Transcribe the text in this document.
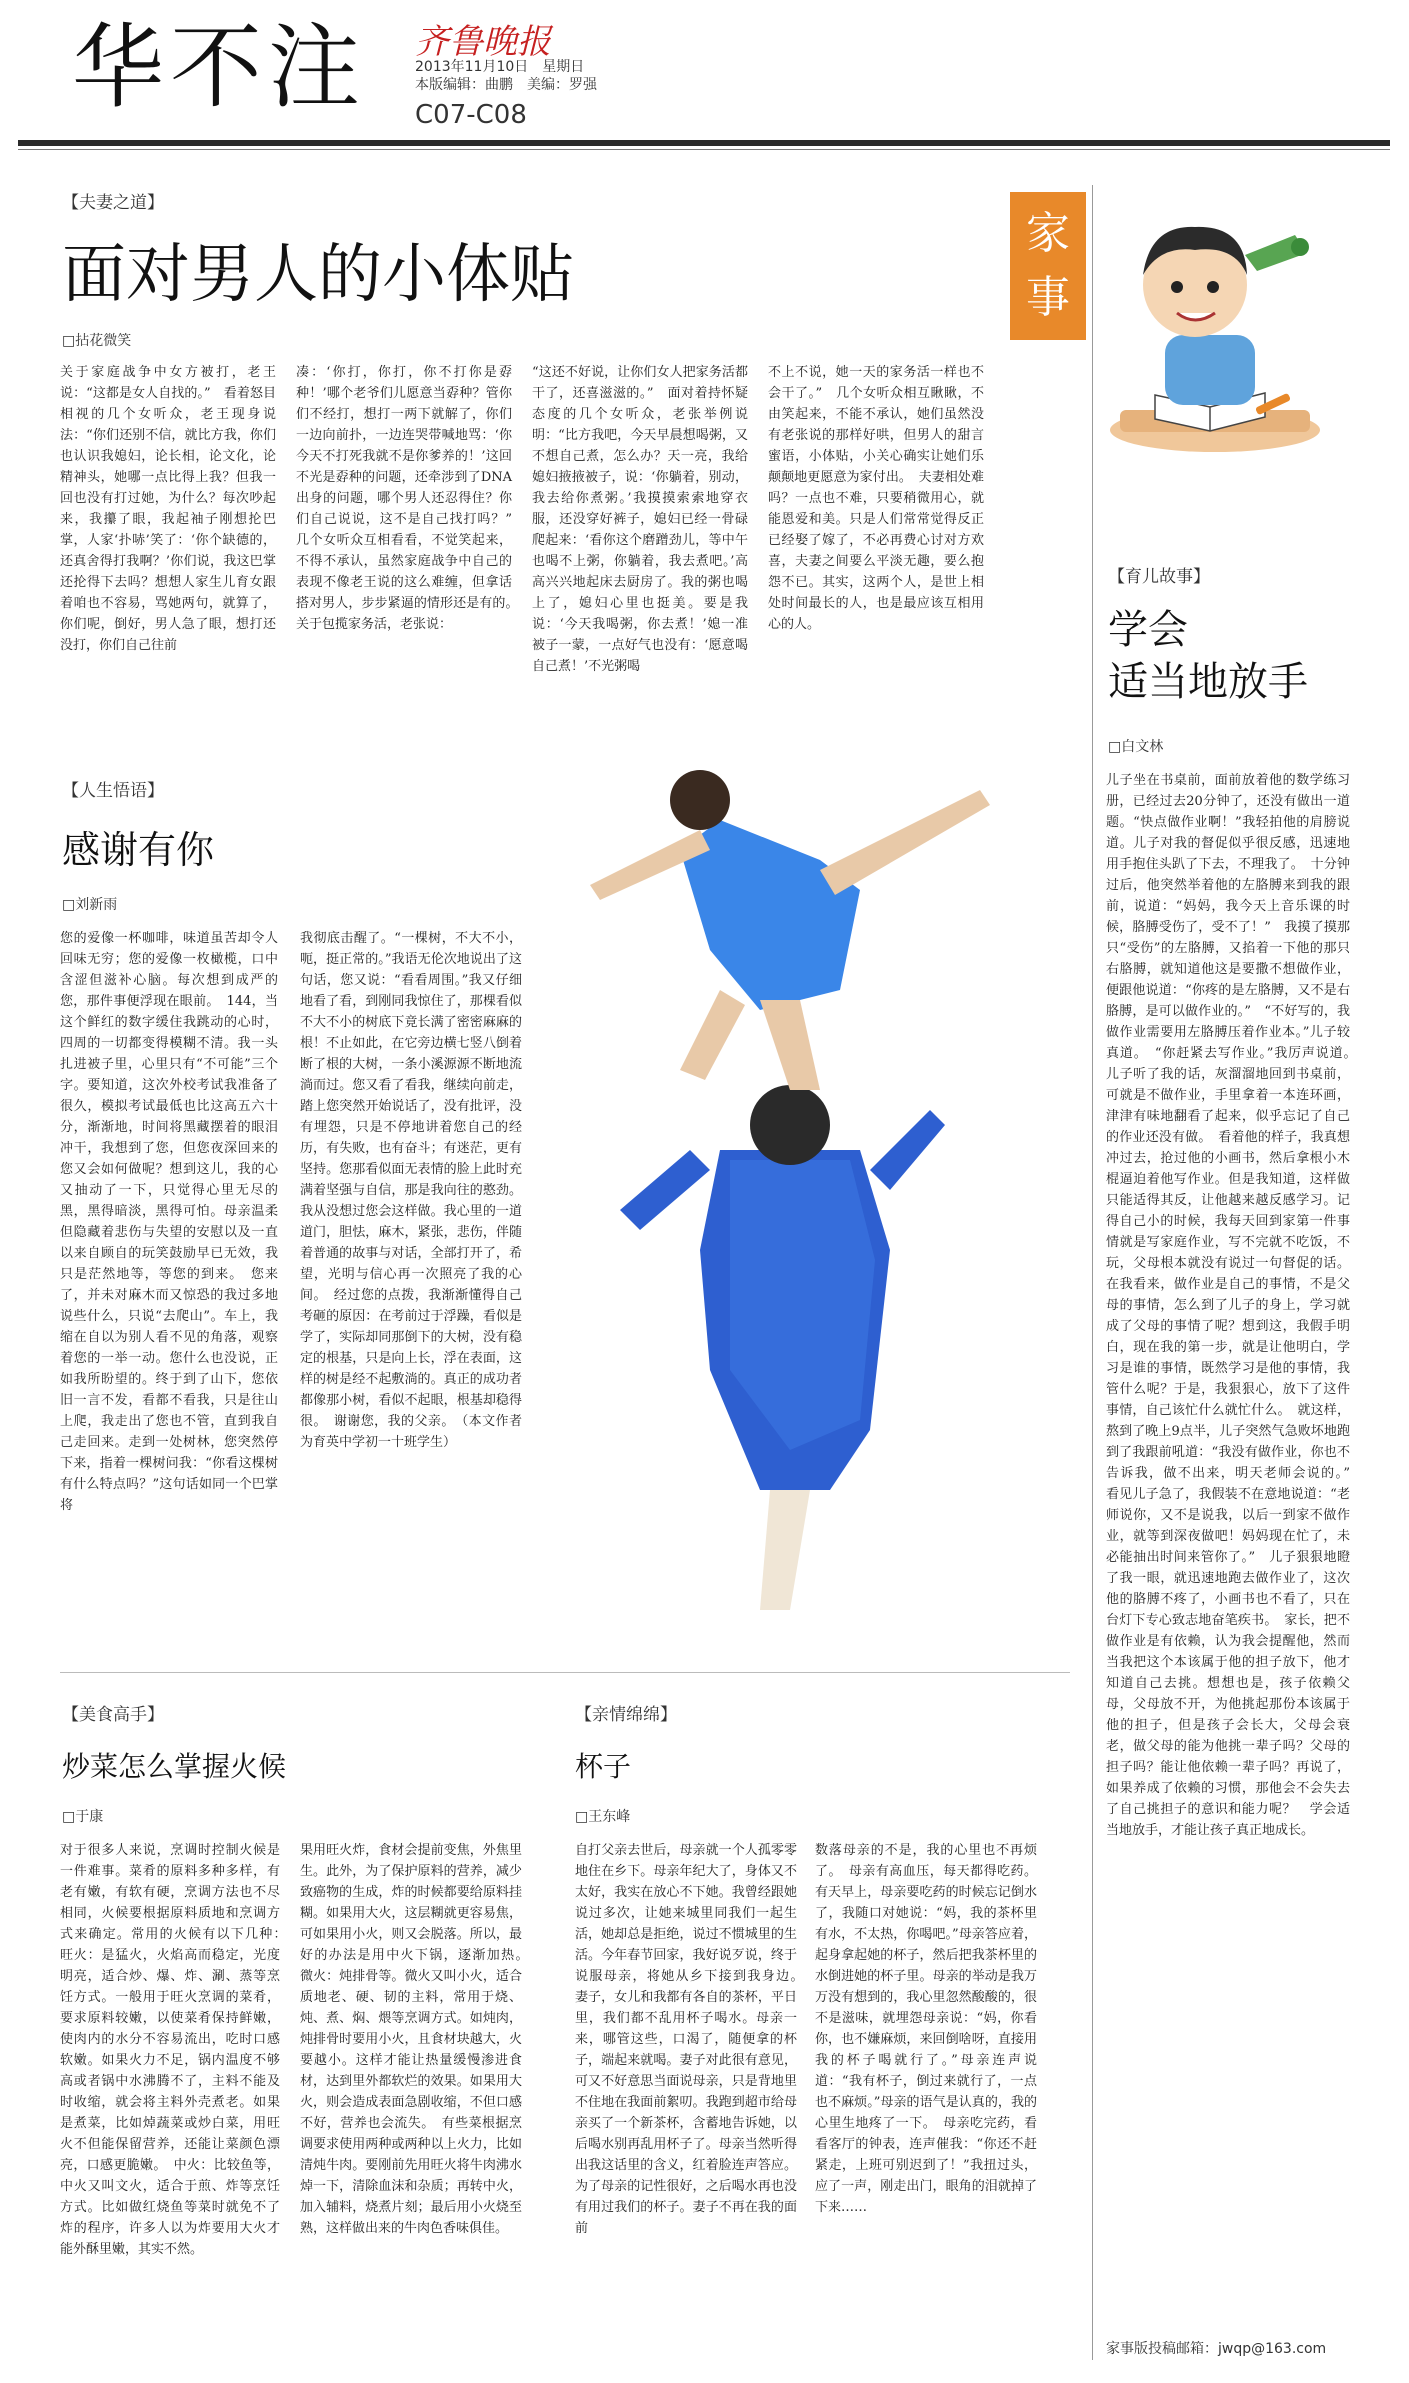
华不注 齐鲁晚报
2013年11月10日　星期日
本版编辑：曲鹏　美编：罗强
C07-C08
【夫妻之道】
面对男人的小体贴
□拈花微笑
家事
关于家庭战争中女方被打，老王说：“这都是女人自找的。”　看着怒目相视的几个女听众，老王现身说法：“你们还别不信，就比方我，你们也认识我媳妇，论长相，论文化，论精神头，她哪一点比得上我？但我一回也没有打过她，为什么？每次吵起来，我攥了眼，我起袖子刚想抡巴掌，人家‘扑哧’笑了：‘你个缺德的，还真舍得打我啊？’你们说，我这巴掌还抡得下去吗？想想人家生儿育女跟着咱也不容易，骂她两句，就算了，你们呢，倒好，男人急了眼，想打还没打，你们自己往前
凑：‘你打，你打，你不打你是孬种！’哪个老爷们儿愿意当孬种？管你们不经打，想打一两下就解了，你们一边向前扑，一边连哭带喊地骂：‘你今天不打死我就不是你爹养的！’这回不光是孬种的问题，还牵涉到了DNA出身的问题，哪个男人还忍得住？你们自己说说，这不是自己找打吗？”　几个女听众互相看看，不觉笑起来，不得不承认，虽然家庭战争中自己的表现不像老王说的这么难缠，但拿话搭对男人，步步紧逼的情形还是有的。　关于包揽家务活，老张说：
“这还不好说，让你们女人把家务活都干了，还喜滋滋的。”　面对着持怀疑态度的几个女听众，老张举例说明：“比方我吧，今天早晨想喝粥，又不想自己煮，怎么办？天一亮，我给媳妇掖掖被子，说：‘你躺着，别动，我去给你煮粥。’我摸摸索索地穿衣服，还没穿好裤子，媳妇已经一骨碌爬起来：‘看你这个磨蹭劲儿，等中午也喝不上粥，你躺着，我去煮吧。’高高兴兴地起床去厨房了。我的粥也喝上了，媳妇心里也挺美。要是我说：‘今天我喝粥，你去煮！’媳一准被子一蒙，一点好气也没有：‘愿意喝自己煮！’不光粥喝
不上不说，她一天的家务活一样也不会干了。”　几个女听众相互瞅瞅，不由笑起来，不能不承认，她们虽然没有老张说的那样好哄，但男人的甜言蜜语，小体贴，小关心确实让她们乐颠颠地更愿意为家付出。　夫妻相处难吗？一点也不难，只要稍微用心，就能恩爱和美。只是人们常常觉得反正已经娶了嫁了，不必再费心讨对方欢喜，夫妻之间要么平淡无趣，要么抱怨不已。其实，这两个人，是世上相处时间最长的人，也是最应该互相用心的人。
【人生悟语】
感谢有你
□刘新雨
您的爱像一杯咖啡，味道虽苦却令人回味无穷；您的爱像一枚橄榄，口中含涩但滋补心脑。每次想到成严的您，那件事便浮现在眼前。　144，当这个鲜红的数字缓住我跳动的心时，四周的一切都变得模糊不清。我一头扎进被子里，心里只有“不可能”三个字。要知道，这次外校考试我准备了很久，模拟考试最低也比这高五六十分，渐渐地，时间将黑藏摆着的眼泪冲干，我想到了您，但您夜深回来的您又会如何做呢？想到这儿，我的心又抽动了一下，只觉得心里无尽的黑，黑得暗淡，黑得可怕。母亲温柔但隐藏着悲伤与失望的安慰以及一直以来自顾自的玩笑鼓励早已无效，我只是茫然地等，等您的到来。　您来了，并未对麻木而又惊恐的我过多地说些什么，只说“去爬山”。车上，我缩在自以为别人看不见的角落，观察着您的一举一动。您什么也没说，正如我所盼望的。终于到了山下，您依旧一言不发，看都不看我，只是往山上爬，我走出了您也不管，直到我自己走回来。走到一处树林，您突然停下来，指着一棵树问我：“你看这棵树有什么特点吗？”这句话如同一个巴掌将
我彻底击醒了。“一棵树，不大不小，呃，挺正常的。”我语无伦次地说出了这句话，您又说：“看看周围。”我又仔细地看了看，到刚同我惊住了，那棵看似不大不小的树底下竟长满了密密麻麻的根！不止如此，在它旁边横七竖八倒着断了根的大树，一条小溪源源不断地流淌而过。您又看了看我，继续向前走，踏上您突然开始说话了，没有批评，没有埋怨，只是不停地讲着您自己的经历，有失败，也有奋斗；有迷茫，更有坚持。您那看似面无表情的脸上此时充满着坚强与自信，那是我向往的憨劲。我从没想过您会这样做。我心里的一道道门，胆怯，麻木，紧张，悲伤，伴随着普通的故事与对话，全部打开了，希望，光明与信心再一次照亮了我的心间。　经过您的点拨，我渐渐懂得自己考砸的原因：在考前过于浮躁，看似是学了，实际却同那倒下的大树，没有稳定的根基，只是向上长，浮在表面，这样的树是经不起敷淌的。真正的成功者都像那小树，看似不起眼，根基却稳得很。　谢谢您，我的父亲。　（本文作者为育英中学初一十班学生）
【育儿故事】
学会
适当地放手
□白文林
儿子坐在书桌前，面前放着他的数学练习册，已经过去20分钟了，还没有做出一道题。“快点做作业啊！”我轻拍他的肩膀说道。儿子对我的督促似乎很反感，迅速地用手抱住头趴了下去，不理我了。　十分钟过后，他突然举着他的左胳膊来到我的跟前，说道：“妈妈，我今天上音乐课的时候，胳膊受伤了，受不了！”　我摸了摸那只“受伤”的左胳膊，又掐着一下他的那只右胳膊，就知道他这是要撒不想做作业，便跟他说道：“你疼的是左胳膊，又不是右胳膊，是可以做作业的。”　“不好写的，我做作业需要用左胳膊压着作业本。”儿子较真道。　“你赶紧去写作业。”我厉声说道。　儿子听了我的话，灰溜溜地回到书桌前，可就是不做作业，手里拿着一本连环画，津津有味地翻看了起来，似乎忘记了自己的作业还没有做。　看着他的样子，我真想冲过去，抢过他的小画书，然后拿根小木棍逼迫着他写作业。但是我知道，这样做只能适得其反，让他越来越反感学习。记得自己小的时候，我每天回到家第一件事情就是写家庭作业，写不完就不吃饭，不玩，父母根本就没有说过一句督促的话。在我看来，做作业是自己的事情，不是父母的事情，怎么到了儿子的身上，学习就成了父母的事情了呢？想到这，我假手明白，现在我的第一步，就是让他明白，学习是谁的事情，既然学习是他的事情，我管什么呢？于是，我狠狠心，放下了这件事情，自己该忙什么就忙什么。　就这样，熬到了晚上9点半，儿子突然气急败坏地跑到了我跟前吼道：“我没有做作业，你也不告诉我，做不出来，明天老师会说的。”　看见儿子急了，我假装不在意地说道：“老师说你，又不是说我，以后一到家不做作业，就等到深夜做吧！妈妈现在忙了，未必能抽出时间来管你了。”　儿子狠狠地瞪了我一眼，就迅速地跑去做作业了，这次他的胳膊不疼了，小画书也不看了，只在台灯下专心致志地奋笔疾书。　家长，把不做作业是有依赖，认为我会提醒他，然而当我把这个本该属于他的担子放下，他才知道自己去挑。想想也是，孩子依赖父母，父母放不开，为他挑起那份本该属于他的担子，但是孩子会长大，父母会衰老，做父母的能为他挑一辈子吗？父母的担子吗？能让他依赖一辈子吗？再说了，如果养成了依赖的习惯，那他会不会失去了自己挑担子的意识和能力呢？　学会适当地放手，才能让孩子真正地成长。
【美食高手】
炒菜怎么掌握火候
□于康
对于很多人来说，烹调时控制火候是一件难事。菜肴的原料多种多样，有老有嫩，有软有硬，烹调方法也不尽相同，火候要根据原料质地和烹调方式来确定。常用的火候有以下几种：　旺火：是猛火，火焰高而稳定，光度明亮，适合炒、爆、炸、涮、蒸等烹饪方式。一般用于旺火烹调的菜肴，要求原料较嫩，以使菜肴保持鲜嫩，使肉内的水分不容易流出，吃时口感软嫩。如果火力不足，锅内温度不够高或者锅中水沸腾不了，主料不能及时收缩，就会将主料外壳煮老。如果是煮菜，比如焯蔬菜或炒白菜，用旺火不但能保留营养，还能让菜颜色漂亮，口感更脆嫩。　中火：比较鱼等，中火又叫文火，适合于煎、炸等烹饪方式。比如做红烧鱼等菜时就免不了炸的程序，许多人以为炸要用大火才能外酥里嫩，其实不然。
果用旺火炸，食材会提前变焦，外焦里生。此外，为了保护原料的营养，减少致癌物的生成，炸的时候都要给原料挂糊。如果用大火，这层糊就更容易焦，可如果用小火，则又会脱落。所以，最好的办法是用中火下锅，逐渐加热。　微火：炖排骨等。微火又叫小火，适合质地老、硬、韧的主料，常用于烧、炖、煮、焖、煨等烹调方式。如炖肉，炖排骨时要用小火，且食材块越大，火要越小。这样才能让热量缓慢渗进食材，达到里外都软烂的效果。如果用大火，则会造成表面急剧收缩，不但口感不好，营养也会流失。　有些菜根据烹调要求使用两种或两种以上火力，比如清炖牛肉。要刚前先用旺火将牛肉沸水焯一下，清除血沫和杂质；再转中火，加入辅料，烧煮片刻；最后用小火烧至熟，这样做出来的牛肉色香味俱佳。
【亲情绵绵】
杯子
□王东峰
自打父亲去世后，母亲就一个人孤零零地住在乡下。母亲年纪大了，身体又不太好，我实在放心不下她。我曾经跟她说过多次，让她来城里同我们一起生活，她却总是拒绝，说过不惯城里的生活。今年春节回家，我好说歹说，终于说服母亲，将她从乡下接到我身边。　妻子，女儿和我都有各自的茶杯，平日里，我们都不乱用杯子喝水。母亲一来，哪管这些，口渴了，随便拿的杯子，端起来就喝。妻子对此很有意见，可又不好意思当面说母亲，只是背地里不住地在我面前絮叨。我跑到超市给母亲买了一个新茶杯，含蓄地告诉她，以后喝水别再乱用杯子了。母亲当然听得出我这话里的含义，红着脸连声答应。为了母亲的记性很好，之后喝水再也没有用过我们的杯子。妻子不再在我的面前
数落母亲的不是，我的心里也不再烦了。　母亲有高血压，每天都得吃药。有天早上，母亲要吃药的时候忘记倒水了，我随口对她说：“妈，我的茶杯里有水，不太热，你喝吧。”母亲答应着，起身拿起她的杯子，然后把我茶杯里的水倒进她的杯子里。母亲的举动是我万万没有想到的，我心里忽然酸酸的，很不是滋味，就埋怨母亲说：“妈，你看你，也不嫌麻烦，来回倒啥呀，直接用我的杯子喝就行了。”母亲连声说道：“我有杯子，倒过来就行了，一点也不麻烦。”母亲的语气是认真的，我的心里生地疼了一下。　母亲吃完药，看看客厅的钟表，连声催我：“你还不赶紧走，上班可别迟到了！”我扭过头，应了一声，刚走出门，眼角的泪就掉了下来……
家事版投稿邮箱：jwqp@163.com
